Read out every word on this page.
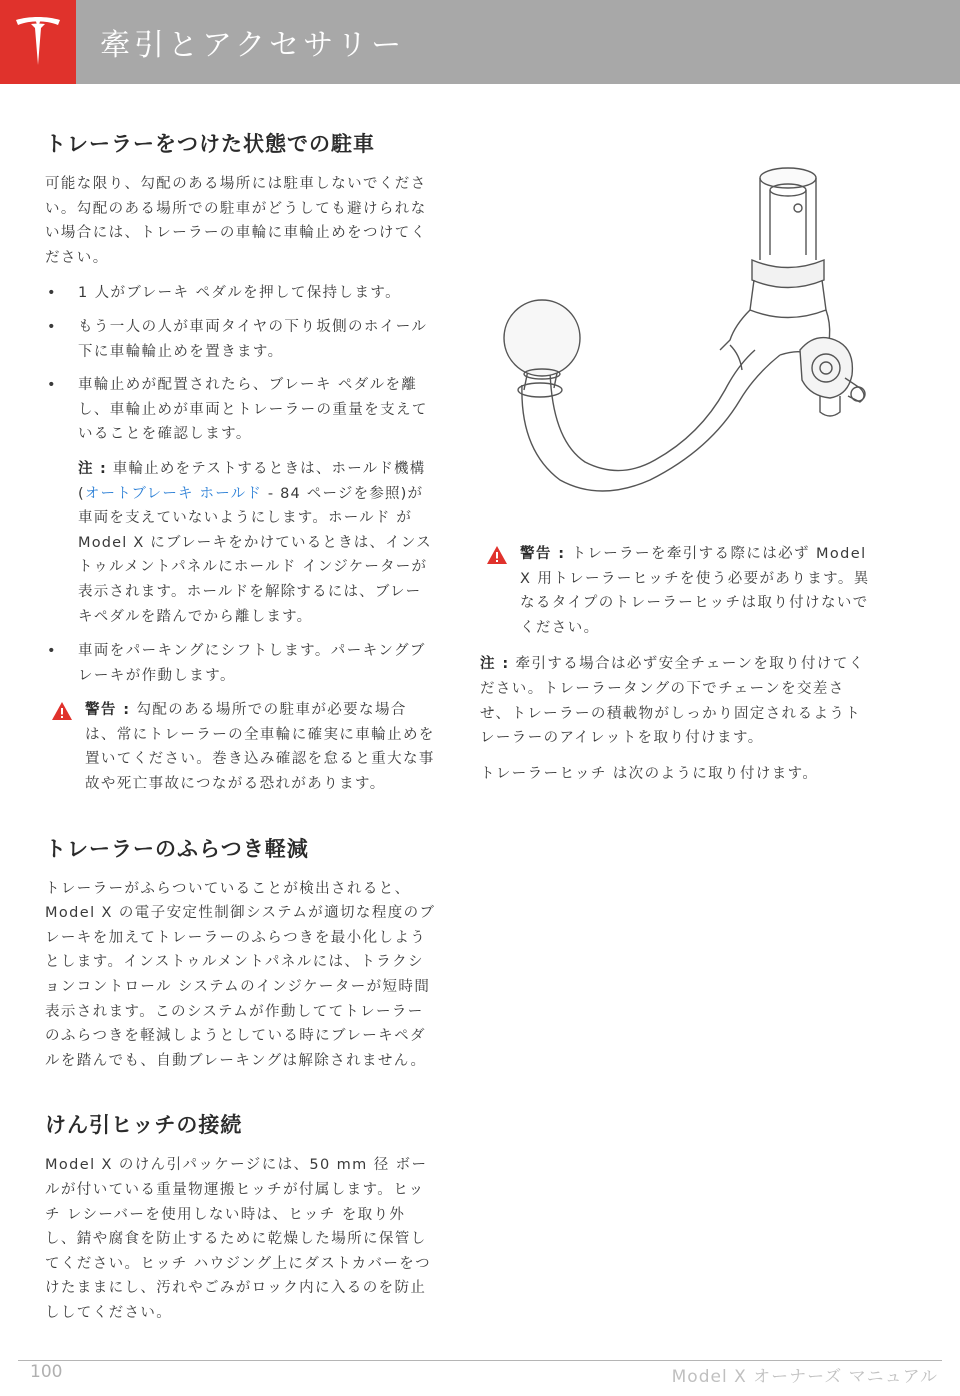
牽引とアクセサリー
トレーラーをつけた状態での駐車

可能な限り、勾配のある場所には駐車しないでください。勾配のある場所での駐車がどうしても避けられない場合には、トレーラーの車輪に車輪止めをつけてください。

• 1 人がブレーキ ペダルを押して保持します。
• もう一人の人が車両タイヤの下り坂側のホイール下に車輪輪止めを置きます。
• 車輪止めが配置されたら、ブレーキ ペダルを離し、車輪止めが車両とトレーラーの重量を支えていることを確認します。
注 : 車輪止めをテストするときは、ホールド機構(オートブレーキ ホールド - 84 ページを参照)が車両を支えていないようにします。ホールド が Model X にブレーキをかけているときは、インストゥルメントパネルにホールド インジケーターが表示されます。ホールドを解除するには、ブレーキペダルを踏んでから離します。
• 車両をパーキングにシフトします。パーキングブレーキが作動します。
警告 : 勾配のある場所での駐車が必要な場合は、常にトレーラーの全車輪に確実に車輪止めを置いてください。巻き込み確認を怠ると重大な事故や死亡事故につながる恐れがあります。
トレーラーのふらつき軽減

トレーラーがふらついていることが検出されると、Model X の電子安定性制御システムが適切な程度のブレーキを加えてトレーラーのふらつきを最小化しようとします。インストゥルメントパネルには、トラクションコントロール システムのインジケーターが短時間表示されます。このシステムが作動しててトレーラーのふらつきを軽減しようとしている時にブレーキペダルを踏んでも、自動ブレーキングは解除されません。

けん引ヒッチの接続

Model X のけん引パッケージには、50 mm 径 ボールが付いている重量物運搬ヒッチが付属します。ヒッチ レシーバーを使用しない時は、ヒッチ を取り外し、錆や腐食を防止するために乾燥した場所に保管してください。ヒッチ ハウジング上にダストカバーをつけたままにし、汚れやごみがロック内に入るのを防止ししてください。

警告 : トレーラーを牽引する際には必ず Model X 用トレーラーヒッチを使う必要があります。異なるタイプのトレーラーヒッチは取り付けないでください。

注 : 牽引する場合は必ず安全チェーンを取り付けてください。トレーラータングの下でチェーンを交差させ、トレーラーの積載物がしっかり固定されるようトレーラーのアイレットを取り付けます。

トレーラーヒッチ は次のように取り付けます。

100	Model X オーナーズ マニュアル
